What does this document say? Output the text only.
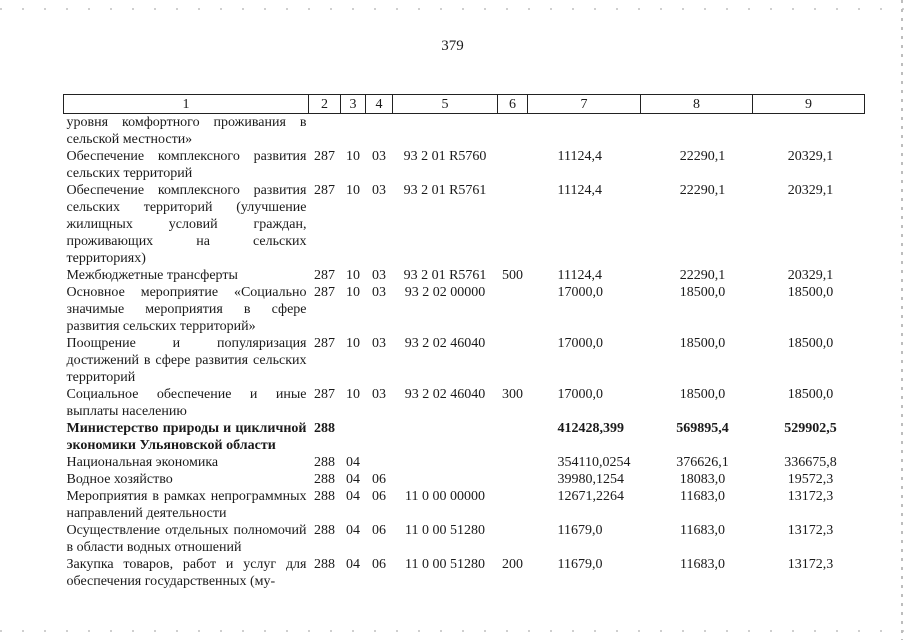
379
1	2	3	4	5	6	7	8	9
уровня комфортного проживания в сельской местности»								
Обеспечение комплексного развития сельских территорий	287	10	03	93 2 01 R5760		11124,4	22290,1	20329,1
Обеспечение комплексного развития сельских территорий (улучшение жилищных условий граждан, проживающих на сельских территориях)	287	10	03	93 2 01 R5761		11124,4	22290,1	20329,1
Межбюджетные трансферты	287	10	03	93 2 01 R5761	500	11124,4	22290,1	20329,1
Основное мероприятие «Социально значимые мероприятия в сфере развития сельских территорий»	287	10	03	93 2 02 00000		17000,0	18500,0	18500,0
Поощрение и популяризация достижений в сфере развития сельских территорий	287	10	03	93 2 02 46040		17000,0	18500,0	18500,0
Социальное обеспечение и иные выплаты населению	287	10	03	93 2 02 46040	300	17000,0	18500,0	18500,0
Министерство природы и цикличной экономики Ульяновской области	288					412428,399	569895,4	529902,5
Национальная экономика	288	04				354110,0254	376626,1	336675,8
Водное хозяйство	288	04	06			39980,1254	18083,0	19572,3
Мероприятия в рамках непрограммных направлений деятельности	288	04	06	11 0 00 00000		12671,2264	11683,0	13172,3
Осуществление отдельных полномочий в области водных отношений	288	04	06	11 0 00 51280		11679,0	11683,0	13172,3
Закупка товаров, работ и услуг для обеспечения государственных (му-	288	04	06	11 0 00 51280	200	11679,0	11683,0	13172,3
